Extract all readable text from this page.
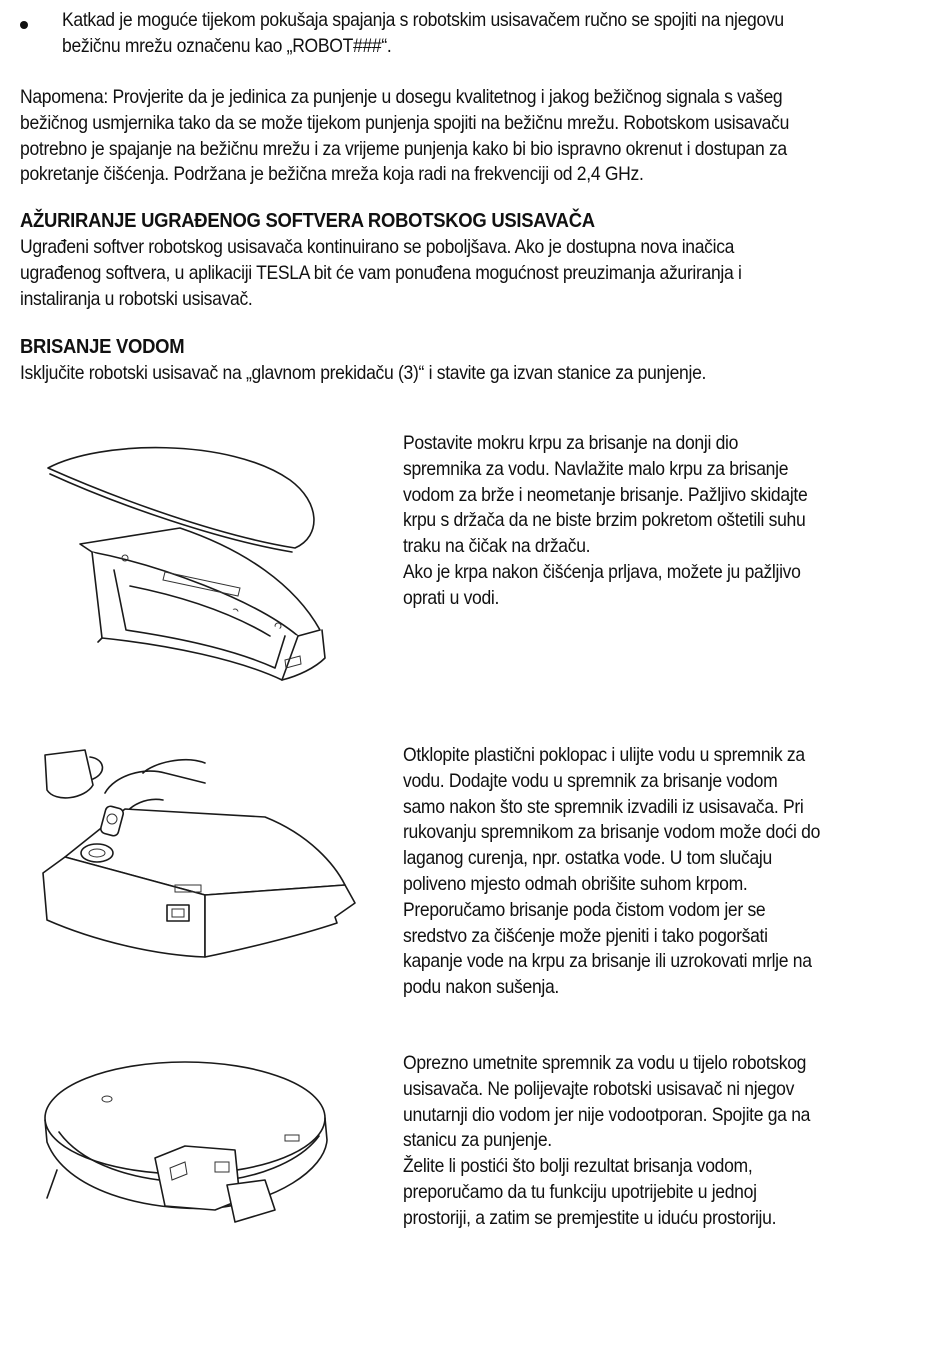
Katkad je moguće tijekom pokušaja spajanja s robotskim usisavačem ručno se spojiti na njegovu
bežičnu mrežu označenu kao „ROBOT###“.
Napomena: Provjerite da je jedinica za punjenje u dosegu kvalitetnog i jakog bežičnog signala s vašeg
bežičnog usmjernika tako da se može tijekom punjenja spojiti na bežičnu mrežu. Robotskom usisavaču
potrebno je spajanje na bežičnu mrežu i za vrijeme punjenja kako bi bio ispravno okrenut i dostupan za
pokretanje čišćenja. Podržana je bežična mreža koja radi na frekvenciji od 2,4 GHz.
AŽURIRANJE UGRAĐENOG SOFTVERA ROBOTSKOG USISAVAČA
Ugrađeni softver robotskog usisavača kontinuirano se poboljšava. Ako je dostupna nova inačica
ugrađenog softvera, u aplikaciji TESLA bit će vam ponuđena mogućnost preuzimanja ažuriranja i
instaliranja u robotski usisavač.
BRISANJE VODOM
Isključite robotski usisavač na „glavnom prekidaču (3)“ i stavite ga izvan stanice za punjenje.
Postavite mokru krpu za brisanje na donji dio
spremnika za vodu. Navlažite malo krpu za brisanje
vodom za brže i neometanje brisanje. Pažljivo skidajte
krpu s držača da ne biste brzim pokretom oštetili suhu
traku na čičak na držaču.
Ako je krpa nakon čišćenja prljava, možete ju pažljivo
oprati u vodi.
Otklopite plastični poklopac i ulijte vodu u spremnik za
vodu. Dodajte vodu u spremnik za brisanje vodom
samo nakon što ste spremnik izvadili iz usisavača. Pri
rukovanju spremnikom za brisanje vodom može doći do
laganog curenja, npr. ostatka vode. U tom slučaju
poliveno mjesto odmah obrišite suhom krpom.
Preporučamo brisanje poda čistom vodom jer se
sredstvo za čišćenje može pjeniti i tako pogoršati
kapanje vode na krpu za brisanje ili uzrokovati mrlje na
podu nakon sušenja.
Oprezno umetnite spremnik za vodu u tijelo robotskog
usisavača. Ne polijevajte robotski usisavač ni njegov
unutarnji dio vodom jer nije vodootporan. Spojite ga na
stanicu za punjenje.
Želite li postići što bolji rezultat brisanja vodom,
preporučamo da tu funkciju upotrijebite u jednoj
prostoriji, a zatim se premjestite u iduću prostoriju.
